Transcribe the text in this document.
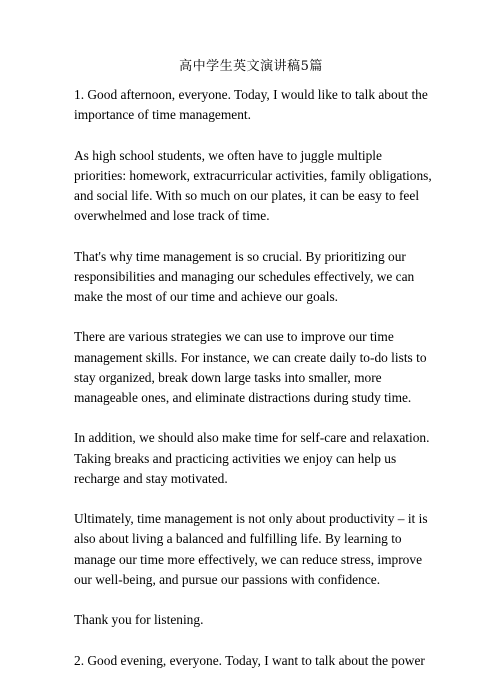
高中学生英文演讲稿5篇

1. Good afternoon, everyone. Today, I would like to talk about the importance of time management.

As high school students, we often have to juggle multiple priorities: homework, extracurricular activities, family obligations, and social life. With so much on our plates, it can be easy to feel overwhelmed and lose track of time.

That's why time management is so crucial. By prioritizing our responsibilities and managing our schedules effectively, we can make the most of our time and achieve our goals.

There are various strategies we can use to improve our time management skills. For instance, we can create daily to-do lists to stay organized, break down large tasks into smaller, more manageable ones, and eliminate distractions during study time.

In addition, we should also make time for self-care and relaxation. Taking breaks and practicing activities we enjoy can help us recharge and stay motivated.

Ultimately, time management is not only about productivity – it is also about living a balanced and fulfilling life. By learning to manage our time more effectively, we can reduce stress, improve our well-being, and pursue our passions with confidence.

Thank you for listening.

2. Good evening, everyone. Today, I want to talk about the power
